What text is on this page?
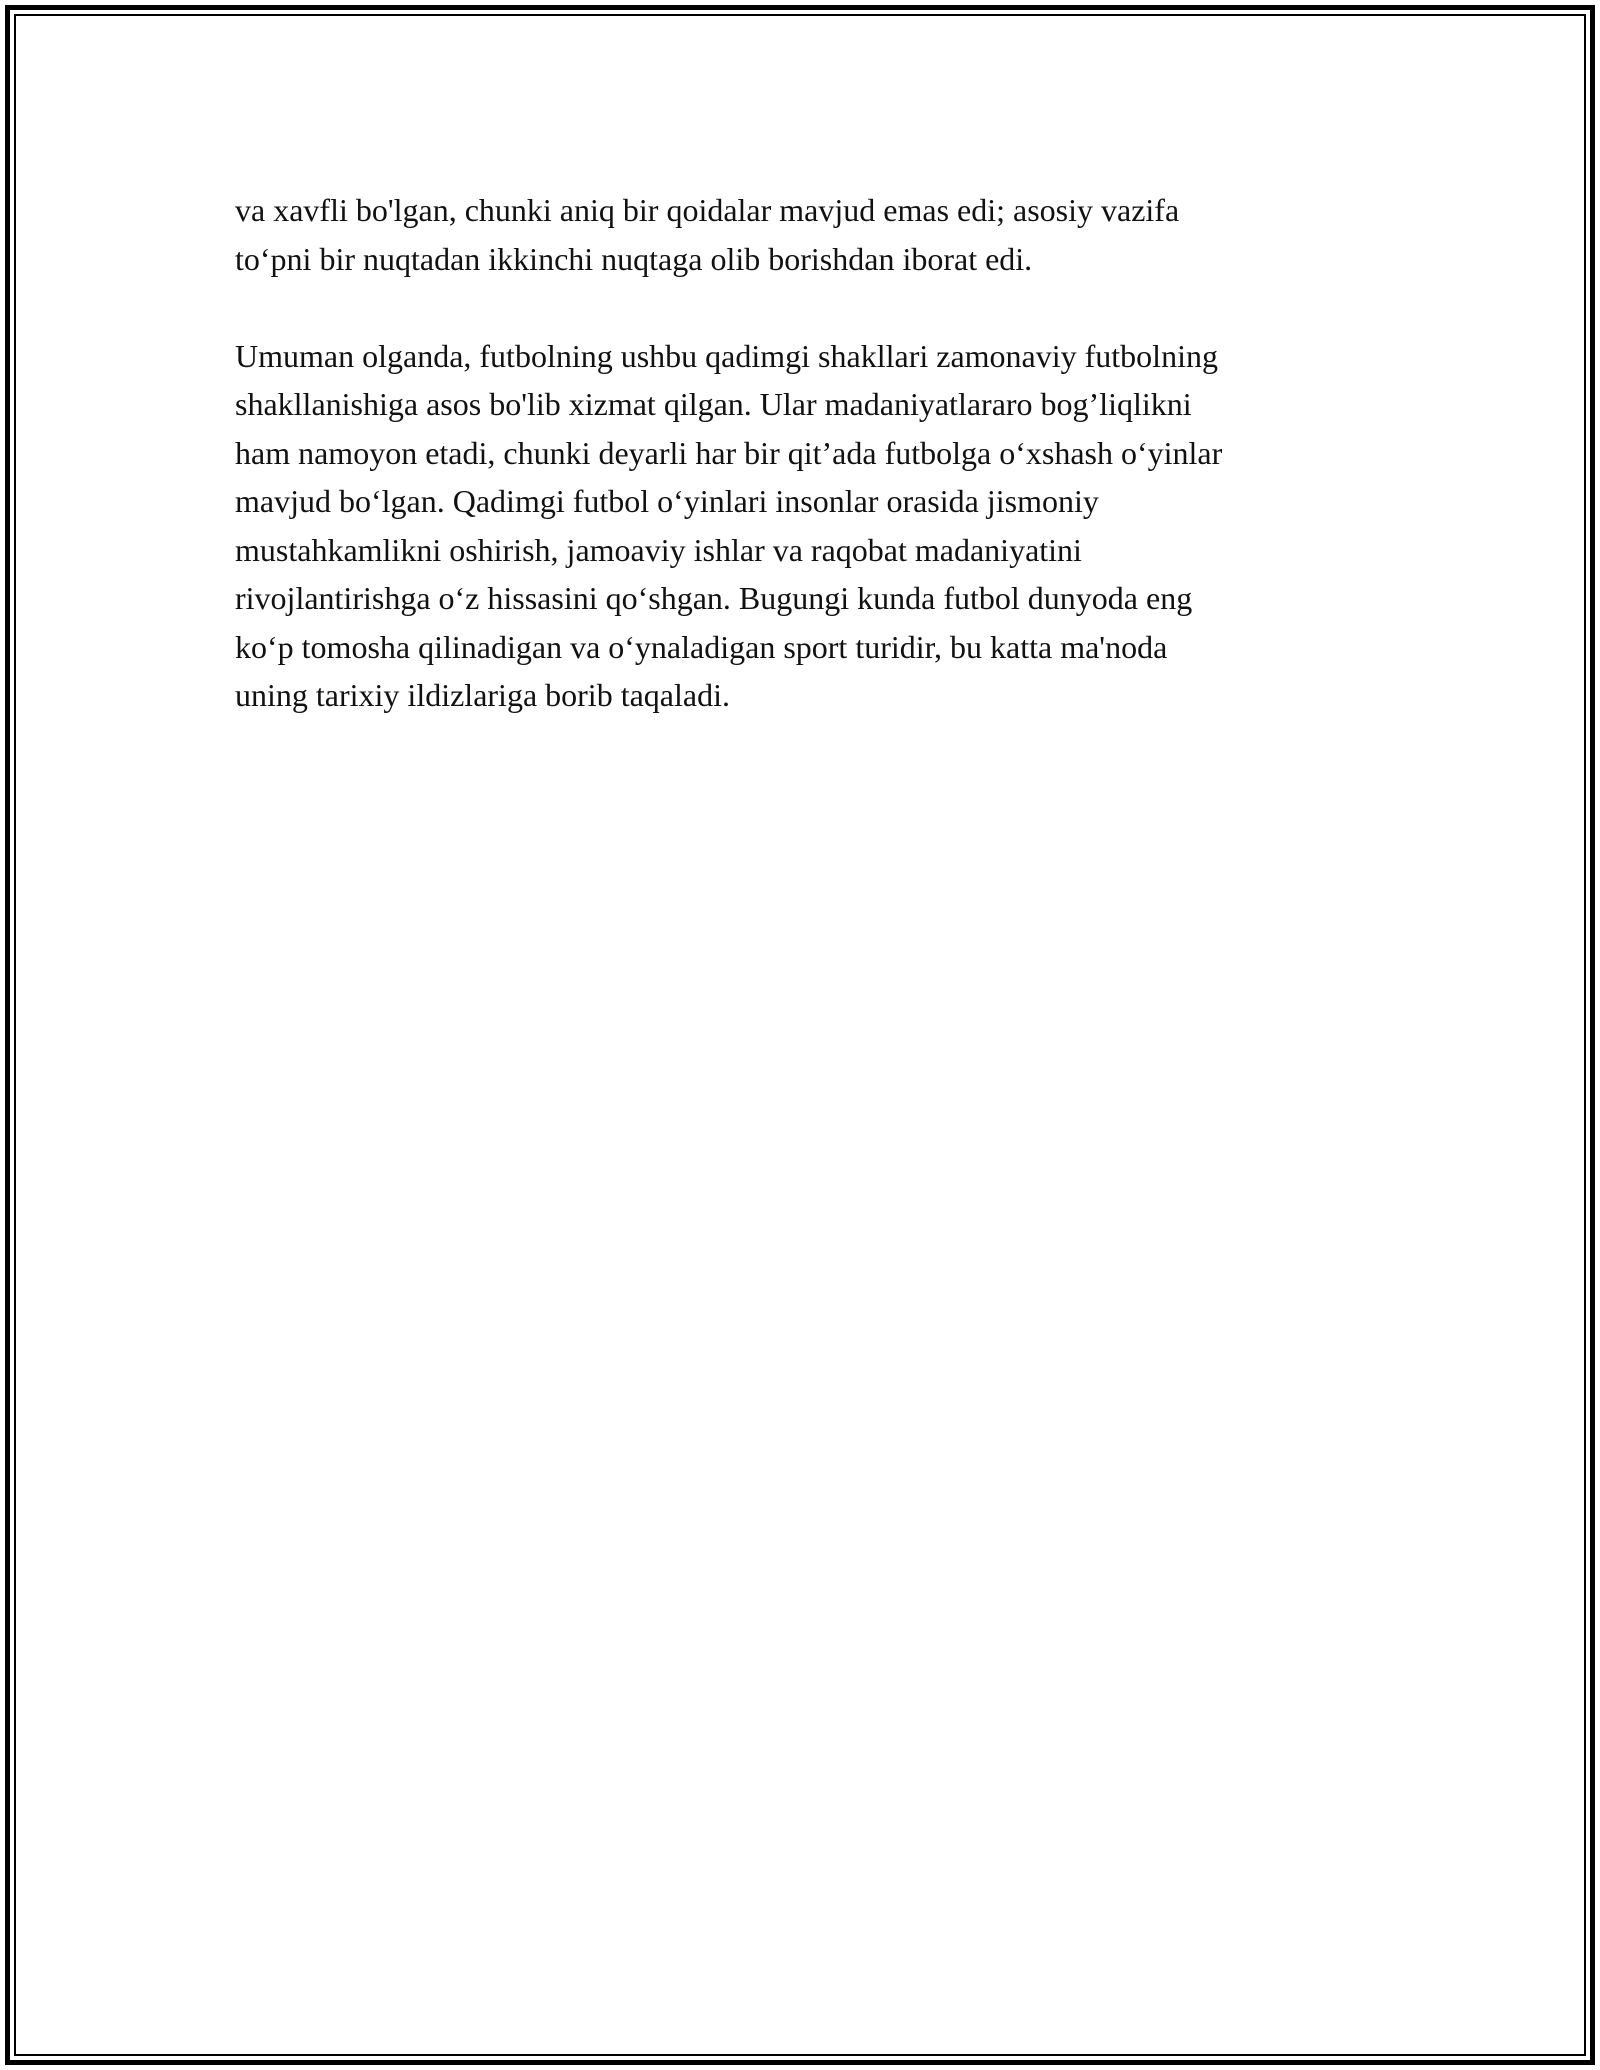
va xavfli bo'lgan, chunki aniq bir qoidalar mavjud emas edi; asosiy vazifa
to‘pni bir nuqtadan ikkinchi nuqtaga olib borishdan iborat edi.

Umuman olganda, futbolning ushbu qadimgi shakllari zamonaviy futbolning
shakllanishiga asos bo'lib xizmat qilgan. Ular madaniyatlararo bog’liqlikni
ham namoyon etadi, chunki deyarli har bir qit’ada futbolga o‘xshash o‘yinlar
mavjud bo‘lgan. Qadimgi futbol o‘yinlari insonlar orasida jismoniy
mustahkamlikni oshirish, jamoaviy ishlar va raqobat madaniyatini
rivojlantirishga o‘z hissasini qo‘shgan. Bugungi kunda futbol dunyoda eng
ko‘p tomosha qilinadigan va o‘ynaladigan sport turidir, bu katta ma'noda
uning tarixiy ildizlariga borib taqaladi.
